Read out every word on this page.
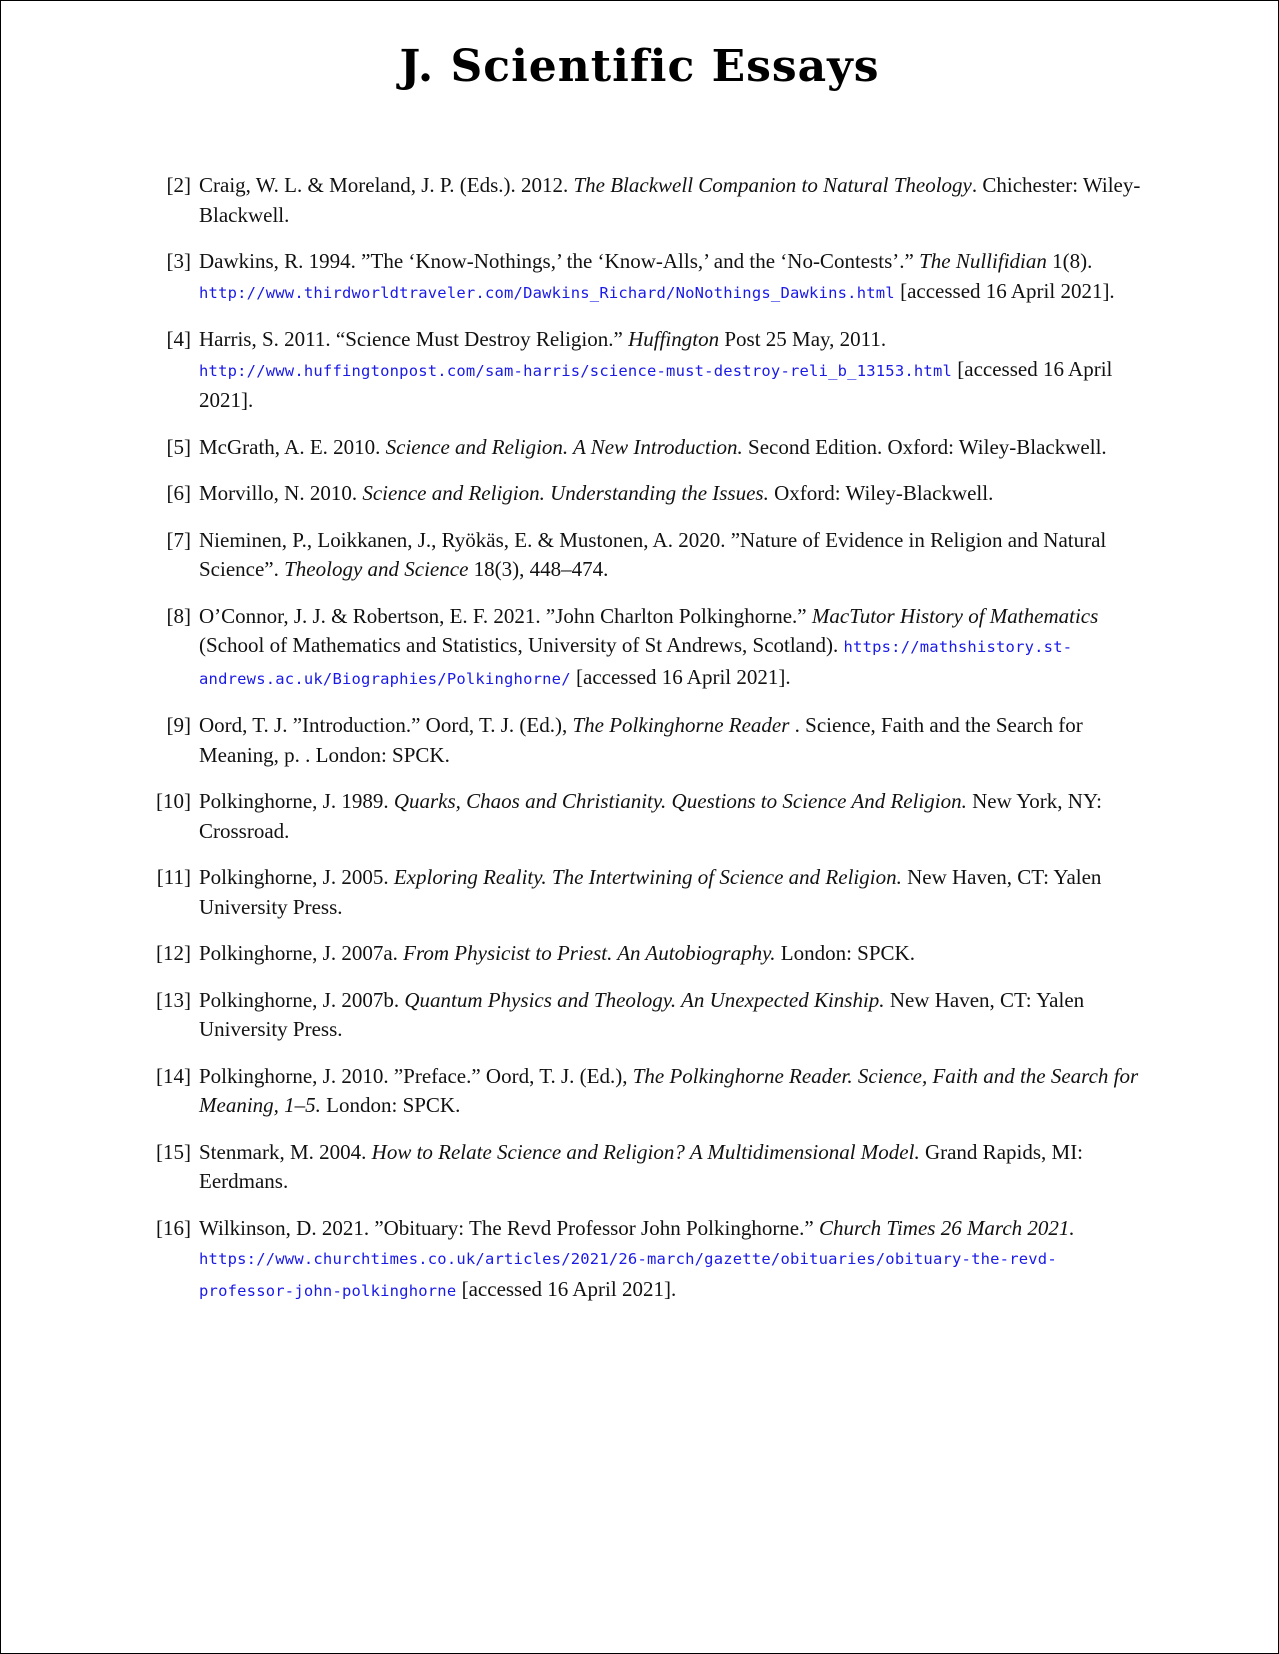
J. Scientific Essays
[2] Craig, W. L. & Moreland, J. P. (Eds.). 2012. The Blackwell Companion to Natural Theology. Chichester: Wiley-Blackwell.
[3] Dawkins, R. 1994. ”The ‘Know-Nothings,’ the ‘Know-Alls,’ and the ‘No-Contests’.” The Nullifidian 1(8). http://www.thirdworldtraveler.com/Dawkins_Richard/NoNothings_Dawkins.html [accessed 16 April 2021].
[4] Harris, S. 2011. “Science Must Destroy Religion.” Huffington Post 25 May, 2011. http://www.huffingtonpost.com/sam-harris/science-must-destroy-reli_b_13153.html [accessed 16 April 2021].
[5] McGrath, A. E. 2010. Science and Religion. A New Introduction. Second Edition. Oxford: Wiley-Blackwell.
[6] Morvillo, N. 2010. Science and Religion. Understanding the Issues. Oxford: Wiley-Blackwell.
[7] Nieminen, P., Loikkanen, J., Ryökäs, E. & Mustonen, A. 2020. ”Nature of Evidence in Religion and Natural Science”. Theology and Science 18(3), 448–474.
[8] O’Connor, J. J. & Robertson, E. F. 2021. ”John Charlton Polkinghorne.” MacTutor History of Mathematics (School of Mathematics and Statistics, University of St Andrews, Scotland). https://mathshistory.st-andrews.ac.uk/Biographies/Polkinghorne/ [accessed 16 April 2021].
[9] Oord, T. J. ”Introduction.” Oord, T. J. (Ed.), The Polkinghorne Reader . Science, Faith and the Search for Meaning, p. . London: SPCK.
[10] Polkinghorne, J. 1989. Quarks, Chaos and Christianity. Questions to Science And Religion. New York, NY: Crossroad.
[11] Polkinghorne, J. 2005. Exploring Reality. The Intertwining of Science and Religion. New Haven, CT: Yalen University Press.
[12] Polkinghorne, J. 2007a. From Physicist to Priest. An Autobiography. London: SPCK.
[13] Polkinghorne, J. 2007b. Quantum Physics and Theology. An Unexpected Kinship. New Haven, CT: Yalen University Press.
[14] Polkinghorne, J. 2010. ”Preface.” Oord, T. J. (Ed.), The Polkinghorne Reader. Science, Faith and the Search for Meaning, 1–5. London: SPCK.
[15] Stenmark, M. 2004. How to Relate Science and Religion? A Multidimensional Model. Grand Rapids, MI: Eerdmans.
[16] Wilkinson, D. 2021. ”Obituary: The Revd Professor John Polkinghorne.” Church Times 26 March 2021. https://www.churchtimes.co.uk/articles/2021/26-march/gazette/obituaries/obituary-the-revd-professor-john-polkinghorne [accessed 16 April 2021].
